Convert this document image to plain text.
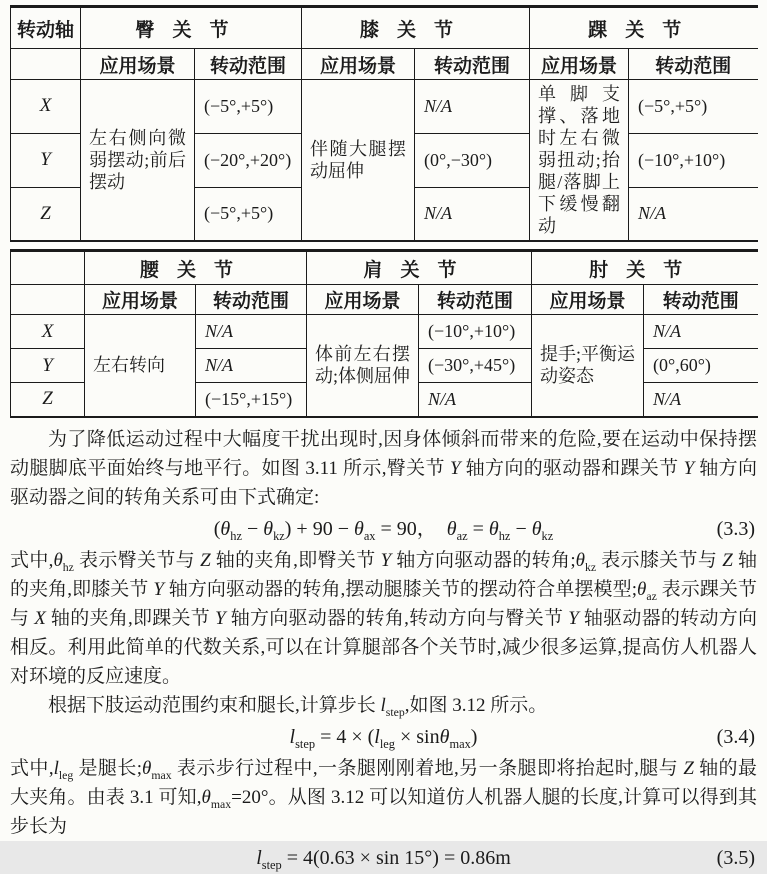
转动轴	臀关节		膝关节		踝关节	
	应用场景	转动范围	应用场景	转动范围	应用场景	转动范围
X	左右侧向微弱摆动;前后摆动	(−5°,+5°)	伴随大腿摆动屈伸	N/A	单脚支撑、落地时左右微弱扭动;抬腿/落脚上下缓慢翻动	(−5°,+5°)
Y		(−20°,+20°)		(0°,−30°)		(−10°,+10°)
Z		(−5°,+5°)		N/A		N/A
	腰关节		肩关节		肘关节	
	应用场景	转动范围	应用场景	转动范围	应用场景	转动范围
X	左右转向	N/A	体前左右摆动;体侧屈伸	(−10°,+10°)	提手;平衡运动姿态	N/A
Y		N/A		(−30°,+45°)		(0°,60°)
Z		(−15°,+15°)		N/A		N/A

为了降低运动过程中大幅度干扰出现时,因身体倾斜而带来的危险,要在运动中保持摆动腿脚底平面始终与地平行。如图 3.11 所示,臀关节 Y 轴方向的驱动器和踝关节 Y 轴方向驱动器之间的转角关系可由下式确定:

$(\theta_{hz} - \theta_{kz}) + 90 - \theta_{ax} = 90$，  $\theta_{az} = \theta_{hz} - \theta_{kz}$	(3.3)

式中$,\theta_{hz}$ 表示臀关节与 Z 轴的夹角,即臀关节 Y 轴方向驱动器的转角$;\theta_{kz}$ 表示膝关节与 Z 轴的夹角,即膝关节 Y 轴方向驱动器的转角,摆动腿膝关节的摆动符合单摆模型$;\theta_{az}$ 表示踝关节与 X 轴的夹角,即踝关节 Y 轴方向驱动器的转角,转动方向与臀关节 Y 轴驱动器的转动方向相反。利用此简单的代数关系,可以在计算腿部各个关节时,减少很多运算,提高仿人机器人对环境的反应速度。

根据下肢运动范围约束和腿长,计算步长 $l_{step}$,如图 3.12 所示。

$l_{step} = 4 \times (l_{leg} \times \sin\theta_{max})$	(3.4)

式中$,l_{leg}$ 是腿长$;\theta_{max}$ 表示步行过程中,一条腿刚刚着地,另一条腿即将抬起时,腿与 Z 轴的最大夹角。由表 3.1 可知$,\theta_{max}=20^\circ$。从图 3.12 可以知道仿人机器人腿的长度,计算可以得到其步长为

$l_{step} = 4(0.63 \times \sin 15^\circ) = 0.86m$	(3.5)
